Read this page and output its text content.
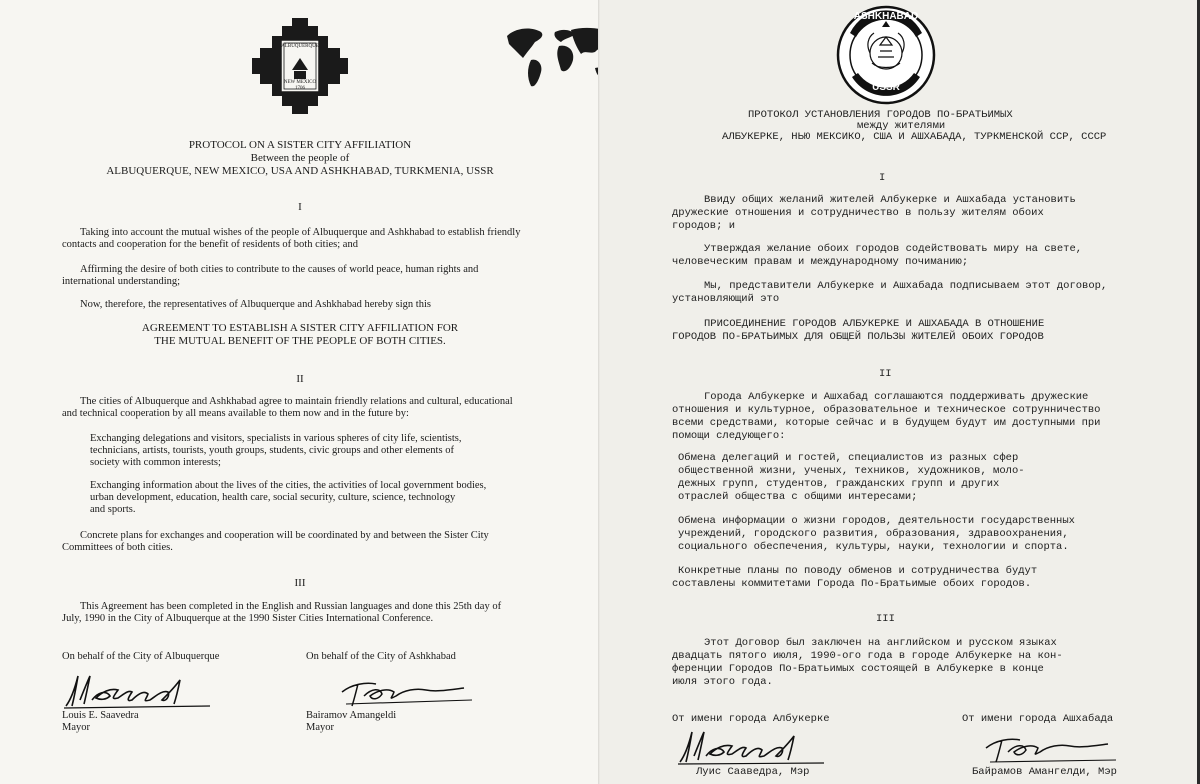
ALBUQUERQUE
NEW MEXICO
1706
PROTOCOL ON A SISTER CITY AFFILIATION
Between the people of
ALBUQUERQUE, NEW MEXICO, USA AND ASHKHABAD, TURKMENIA, USSR
I
Taking into account the mutual wishes of the people of Albuquerque and Ashkhabad to establish friendly
contacts and cooperation for the benefit of residents of both cities; and
Affirming the desire of both cities to contribute to the causes of world peace, human rights and
international understanding;
Now, therefore, the representatives of Albuquerque and Ashkhabad hereby sign this
AGREEMENT TO ESTABLISH A SISTER CITY AFFILIATION FOR
THE MUTUAL BENEFIT OF THE PEOPLE OF BOTH CITIES.
II
The cities of Albuquerque and Ashkhabad agree to maintain friendly relations and cultural, educational
and technical cooperation by all means available to them now and in the future by:
Exchanging delegations and visitors, specialists in various spheres of city life, scientists,
technicians, artists, tourists, youth groups, students, civic groups and other elements of
society with common interests;
Exchanging information about the lives of the cities, the activities of local government bodies,
urban development, education, health care, social security, culture, science, technology
and sports.
Concrete plans for exchanges and cooperation will be coordinated by and between the Sister City
Committees of both cities.
III
This Agreement has been completed in the English and Russian languages and done this 25th day of
July, 1990 in the City of Albuquerque at the 1990 Sister Cities International Conference.
On behalf of the City of Albuquerque	On behalf of the City of Ashkhabad
Louis E. Saavedra
Mayor
Bairamov Amangeldi
Mayor
ASHKHABAD
USSR
ПРОТОКОЛ УСТАНОВЛЕНИЯ ГОРОДОВ ПО-БРАТЬИМЫХ
между жителями
АЛБУКЕРКЕ, НЬЮ МЕКСИКО, США И АШХАБАДА, ТУРКМЕНСКОЙ ССР, СССР
I
Ввиду общих желаний жителей Албукерке и Ашхабада установить
дружеские отношения и сотрудничество в пользу жителям обоих
городов; и
Утверждая желание обоих городов содействовать миру на свете,
человеческим правам и международному почиманию;
Мы, представители Албукерке и Ашхабада подписываем этот договор,
установляющий это
ПРИСОЕДИНЕНИЕ ГОРОДОВ АЛБУКЕРКЕ И АШХАБАДА В ОТНОШЕНИЕ
ГОРОДОВ ПО-БРАТЬИМЫХ ДЛЯ ОБЩЕЙ ПОЛЬЗЫ ЖИТЕЛЕЙ ОБОИХ ГОРОДОВ
II
Города Албукерке и Ашхабад соглашаются поддерживать дружеские
отношения и культурное, образовательное и техническое сотрунничество
всеми средствами, которые сейчас и в будущем будут им доступными при
помощи следующего:
Обмена делегаций и гостей, специалистов из разных сфер
общественной жизни, ученых, техников, художников, моло-
дежных групп, студентов, гражданских групп и других
отраслей общества с общими интересами;
Обмена информации о жизни городов, деятельности государственных
учреждений, городского развития, образования, здравоохранения,
социального обеспечения, культуры, науки, технологии и спорта.
Конкретные планы по поводу обменов и сотрудничества будут
составлены коммитетами Города По-Братьимые обоих городов.
III
Этот Договор был заключен на английском и русском языках
двадцать пятого июля, 1990-ого года в городе Албукерке на кон-
ференции Городов По-Братьимых состоящей в Албукерке в конце
июля этого года.
От имени города Албукерке	От имени города Ашхабада
Луис Сааведра, Мэр	Байрамов Амангелди, Мэр
